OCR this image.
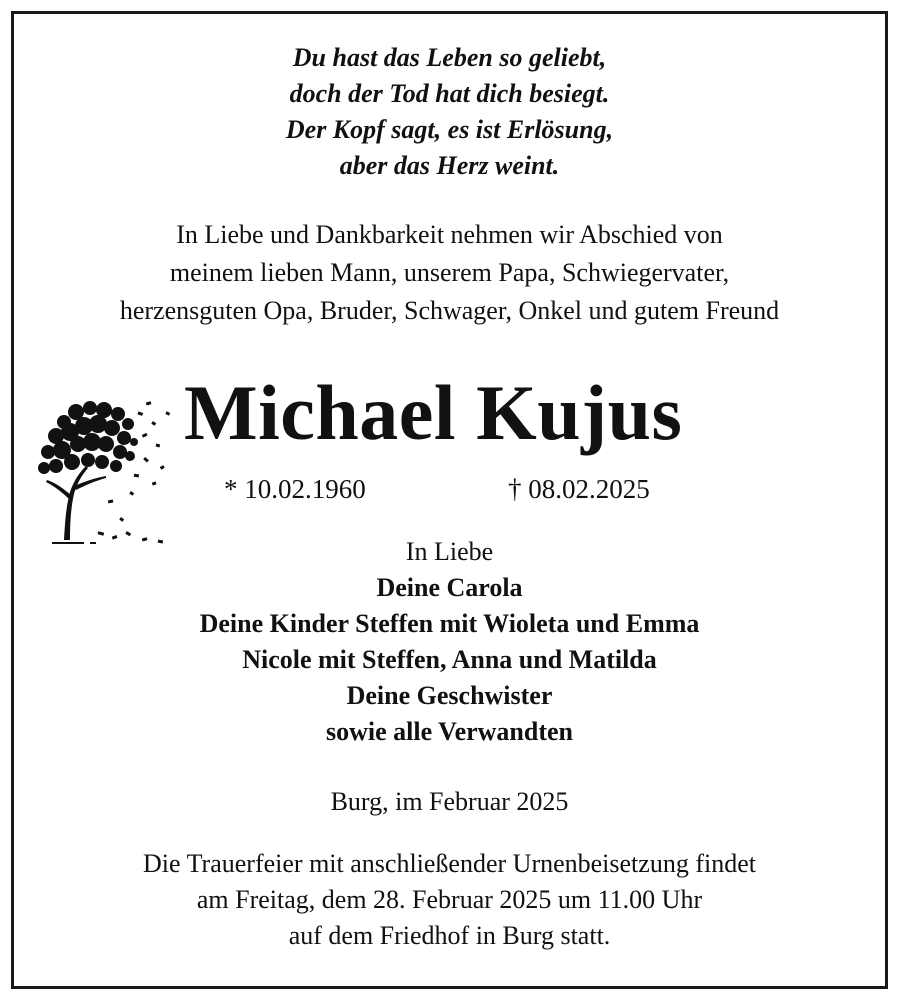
Du hast das Leben so geliebt,
doch der Tod hat dich besiegt.
Der Kopf sagt, es ist Erlösung,
aber das Herz weint.
In Liebe und Dankbarkeit nehmen wir Abschied von
meinem lieben Mann, unserem Papa, Schwiegervater,
herzensguten Opa, Bruder, Schwager, Onkel und gutem Freund
Michael Kujus
* 10.02.1960	† 08.02.2025
In Liebe
Deine Carola
Deine Kinder Steffen mit Wioleta und Emma
Nicole mit Steffen, Anna und Matilda
Deine Geschwister
sowie alle Verwandten
Burg, im Februar 2025
Die Trauerfeier mit anschließender Urnenbeisetzung findet
am Freitag, dem 28. Februar 2025 um 11.00 Uhr
auf dem Friedhof in Burg statt.
